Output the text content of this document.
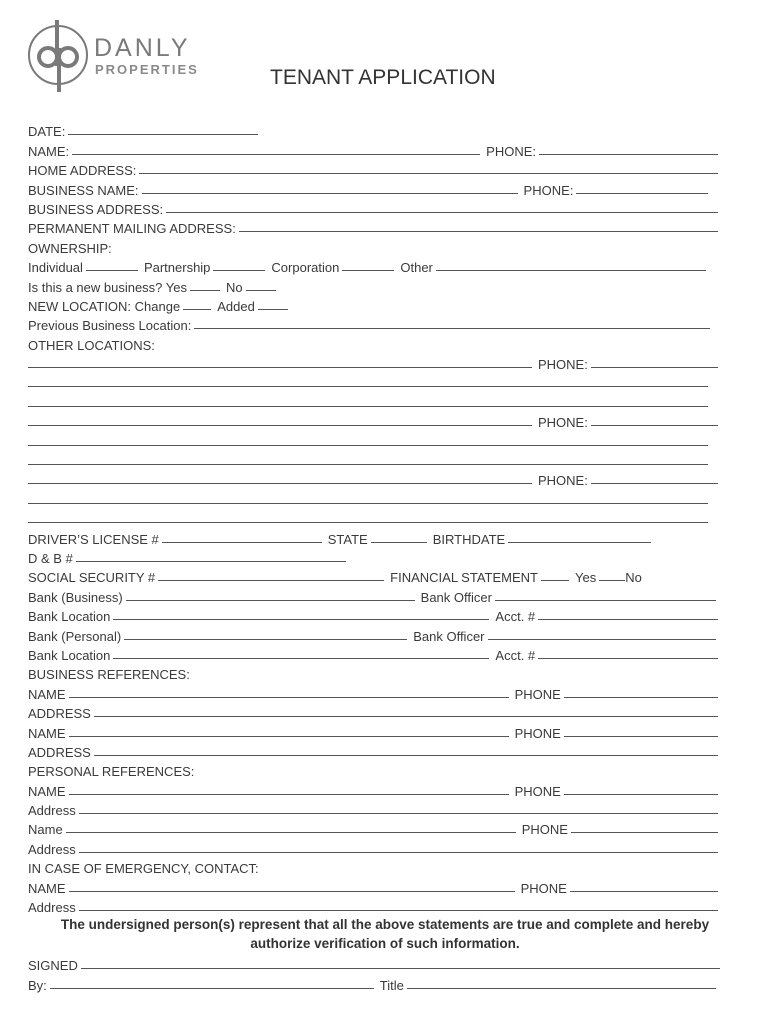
DANLY
PROPERTIES	TENANT APPLICATION
DATE:
NAME:	PHONE:
HOME ADDRESS:
BUSINESS NAME:	PHONE:
BUSINESS ADDRESS:
PERMANENT MAILING ADDRESS:
OWNERSHIP:
Individual	Partnership	Corporation	Other
Is this a new business? Yes	No
NEW LOCATION: Change	Added
Previous Business Location:
OTHER LOCATIONS:
PHONE:
PHONE:
PHONE:
DRIVER’S LICENSE #	STATE	BIRTHDATE
D & B #
SOCIAL SECURITY #	FINANCIAL STATEMENT	Yes No
Bank (Business)	Bank Officer
Bank Location	Acct. #
Bank (Personal)	Bank Officer
Bank Location	Acct. #
BUSINESS REFERENCES:
NAME	PHONE
ADDRESS
NAME	PHONE
ADDRESS
PERSONAL REFERENCES:
NAME	PHONE
Address
Name	PHONE
Address
IN CASE OF EMERGENCY, CONTACT:
NAME	PHONE
Address
The undersigned person(s) represent that all the above statements are true and complete and hereby
authorize verification of such information.
SIGNED
By:	Title
